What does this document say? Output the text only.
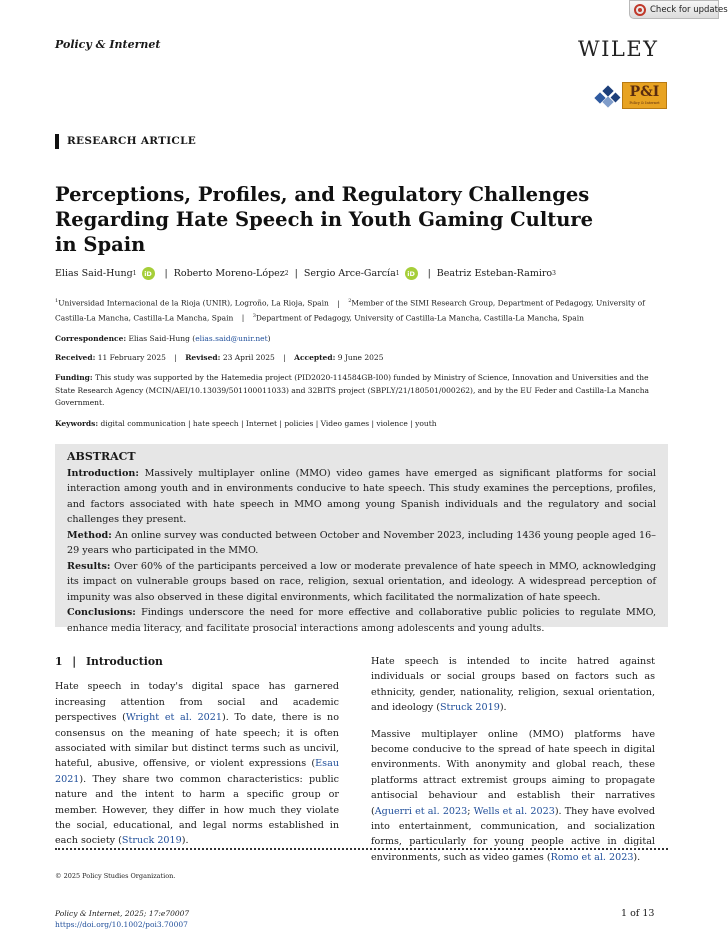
Check for updates
Policy & Internet	WILEY
P&I
Policy & Internet
RESEARCH ARTICLE
Perceptions, Profiles, and Regulatory Challenges Regarding Hate Speech in Youth Gaming Culture in Spain
Elias Said-Hung 1	iD | Roberto Moreno-López 2 | Sergio Arce-García 1	iD | Beatriz Esteban-Ramiro 3
$^1$Universidad Internacional de la Rioja (UNIR), Logroño, La Rioja, Spain | $^2$Member of the SIMI Research Group, Department of Pedagogy, University of Castilla-La Mancha, Castilla-La Mancha, Spain | $^3$Department of Pedagogy, University of Castilla-La Mancha, Castilla-La Mancha, Spain
Correspondence: Elias Said-Hung (elias.said@unir.net)
Received: 11 February 2025 | Revised: 23 April 2025 | Accepted: 9 June 2025
Funding: This study was supported by the Hatemedia project (PID2020-114584GB-I00) funded by Ministry of Science, Innovation and Universities and the State Research Agency (MCIN/AEI/10.13039/501100011033) and 32BITS project (SBPLY/21/180501/000262), and by the EU Feder and Castilla-La Mancha Government.
Keywords: digital communication | hate speech | Internet | policies | Video games | violence | youth
ABSTRACT

Introduction: Massively multiplayer online (MMO) video games have emerged as significant platforms for social interaction among youth and in environments conducive to hate speech. This study examines the perceptions, profiles, and factors associated with hate speech in MMO among young Spanish individuals and the regulatory and social challenges they present.

Method: An online survey was conducted between October and November 2023, including 1436 young people aged 16–29 years who participated in the MMO.

Results: Over 60% of the participants perceived a low or moderate prevalence of hate speech in MMO, acknowledging its impact on vulnerable groups based on race, religion, sexual orientation, and ideology. A widespread perception of impunity was also observed in these digital environments, which facilitated the normalization of hate speech.

Conclusions: Findings underscore the need for more effective and collaborative public policies to regulate MMO, enhance media literacy, and facilitate prosocial interactions among adolescents and young adults.

1 | Introduction

Hate speech in today's digital space has garnered increasing attention from social and academic perspectives (Wright et al. 2021). To date, there is no consensus on the meaning of hate speech; it is often associated with similar but distinct terms such as uncivil, hateful, abusive, offensive, or violent expressions (Esau 2021). They share two common characteristics: public nature and the intent to harm a specific group or member. However, they differ in how much they violate the social, educational, and legal norms established in each society (Struck 2019).

Hate speech is intended to incite hatred against individuals or social groups based on factors such as ethnicity, gender, nationality, religion, sexual orientation, and ideology (Struck 2019).

Massive multiplayer online (MMO) platforms have become conducive to the spread of hate speech in digital environments. With anonymity and global reach, these platforms attract extremist groups aiming to propagate antisocial behaviour and establish their narratives (Aguerri et al. 2023; Wells et al. 2023). They have evolved into entertainment, communication, and socialization forms, particularly for young people active in digital environments, such as video games (Romo et al. 2023).

© 2025 Policy Studies Organization.
Policy & Internet, 2025; 17:e70007
https://doi.org/10.1002/poi3.70007
1 of 13
